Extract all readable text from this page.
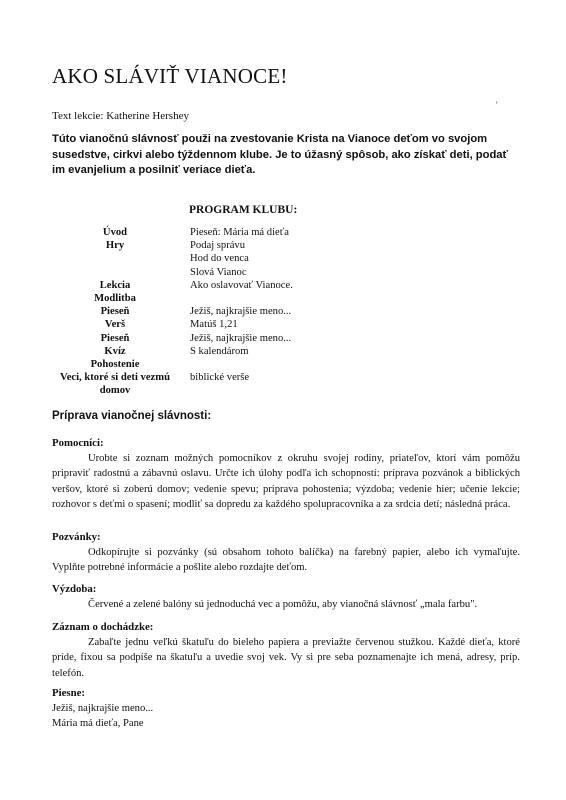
AKO SLÁVIŤ VIANOCE!
Text lekcie: Katherine Hershey
'

Túto vianočnú slávnosť použi na zvestovanie Krista na Vianoce deťom vo svojom susedstve, cirkvi alebo týždennom klube. Je to úžasný spôsob, ako získať deti, podať im evanjelium a posilniť veriace dieťa.

PROGRAM KLUBU:
Úvod	Pieseň: Mária má dieťa
Hry	Podaj správu
Hod do venca
Slová Vianoc
Lekcia	Ako oslavovať Vianoce.
Modlitba
Pieseň	Ježiš, najkrajšie meno...
Verš	Matúš 1,21
Pieseň	Ježiš, najkrajšie meno...
Kvíz	S kalendárom
Pohostenie
Veci, ktoré si deti vezmú	biblické verše
domov
Príprava vianočnej slávnosti:
Pomocníci:

Urobte si zoznam možných pomocníkov z okruhu svojej rodiny, priateľov, ktorí vám pomôžu pripraviť radostnú a zábavnú oslavu. Určte ich úlohy podľa ich schopností: príprava pozvánok a biblických veršov, ktoré si zoberú domov; vedenie spevu; príprava pohostenia; výzdoba; vedenie hier; učenie lekcie; rozhovor s deťmi o spasení; modliť sa dopredu za každého spolupracovníka a za srdcia detí; následná práca.

Pozvánky:

Odkopírujte si pozvánky (sú obsahom tohoto balíčka) na farebný papier, alebo ich vymaľujte. Vyplňte potrebné informácie a pošlite alebo rozdajte deťom.

Výzdoba:

Červené a zelené balóny sú jednoduchá vec a pomôžu, aby vianočná slávnosť „mala farbu".

Záznam o dochádzke:

Zabaľte jednu veľkú škatuľu do bieleho papiera a previažte červenou stužkou. Každé dieťa, ktoré príde, fixou sa podpíše na škatuľu a uvedie svoj vek. Vy si pre seba poznamenajte ich mená, adresy, príp. telefón.

Piesne:
Ježiš, najkrajšie meno...
Mária má dieťa, Pane
